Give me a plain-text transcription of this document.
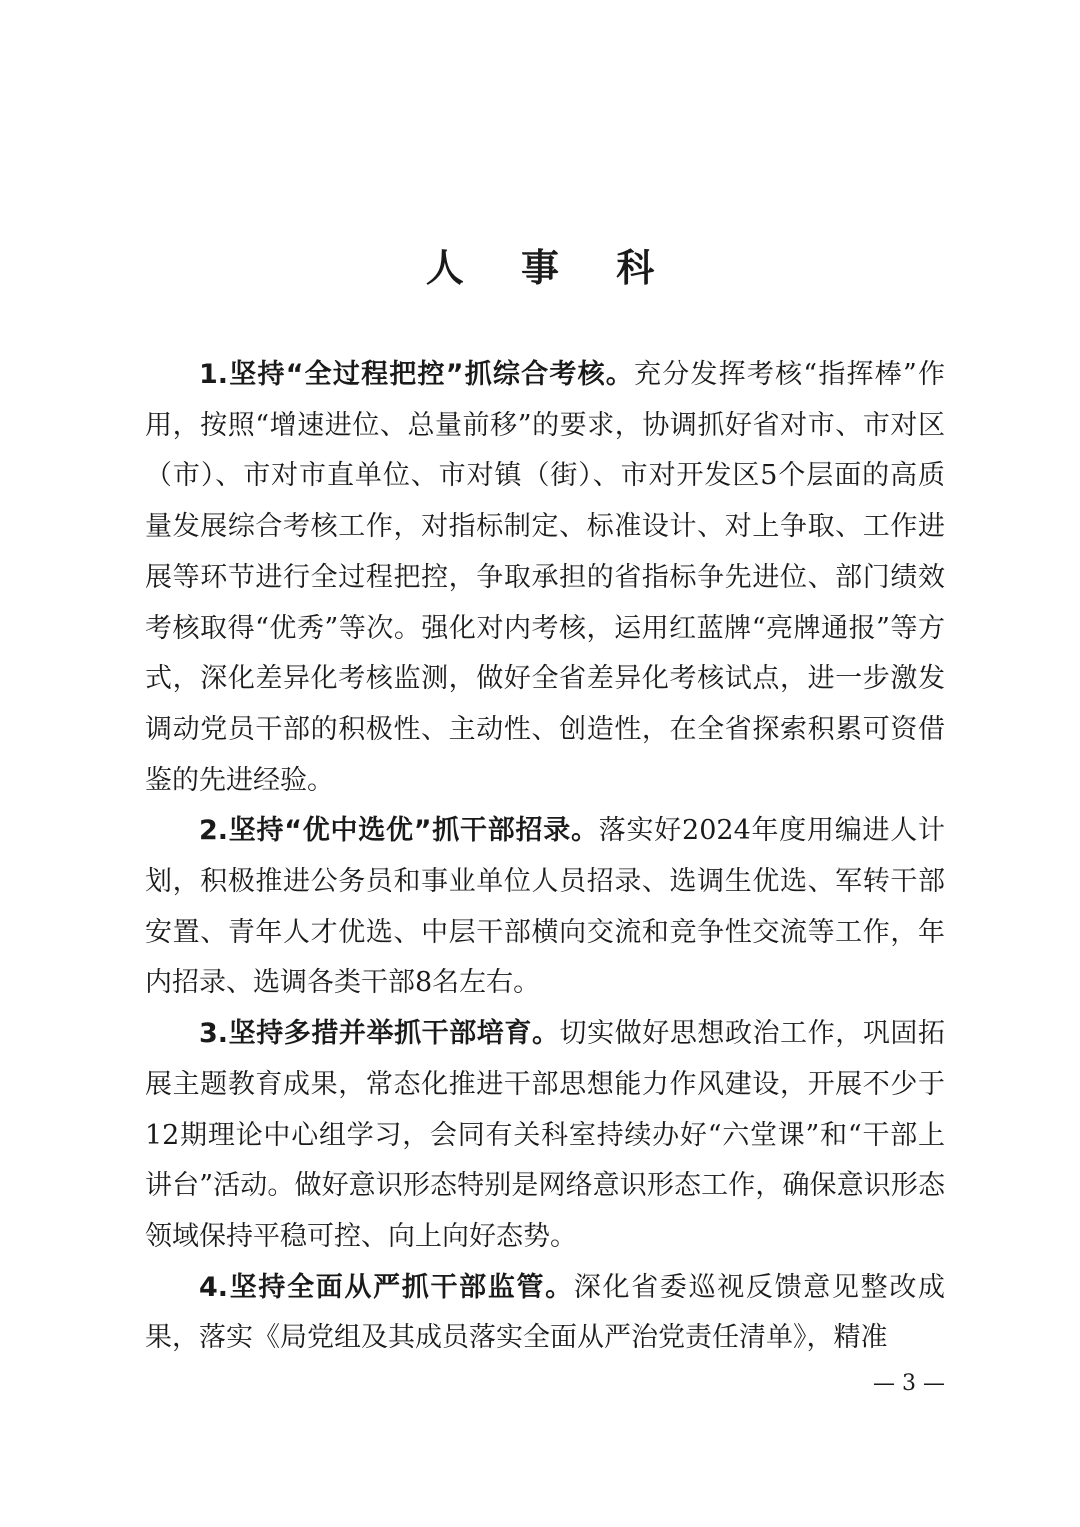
人 事 科

1.坚持“全过程把控”抓综合考核。充分发挥考核“指挥棒”作用，按照“增速进位、总量前移”的要求，协调抓好省对市、市对区（市）、市对市直单位、市对镇（街）、市对开发区5个层面的高质量发展综合考核工作，对指标制定、标准设计、对上争取、工作进展等环节进行全过程把控，争取承担的省指标争先进位、部门绩效考核取得“优秀”等次。强化对内考核，运用红蓝牌“亮牌通报”等方式，深化差异化考核监测，做好全省差异化考核试点，进一步激发调动党员干部的积极性、主动性、创造性，在全省探索积累可资借鉴的先进经验。

2.坚持“优中选优”抓干部招录。落实好2024年度用编进人计划，积极推进公务员和事业单位人员招录、选调生优选、军转干部安置、青年人才优选、中层干部横向交流和竞争性交流等工作，年内招录、选调各类干部8名左右。

3.坚持多措并举抓干部培育。切实做好思想政治工作，巩固拓展主题教育成果，常态化推进干部思想能力作风建设，开展不少于12期理论中心组学习，会同有关科室持续办好“六堂课”和“干部上讲台”活动。做好意识形态特别是网络意识形态工作，确保意识形态领域保持平稳可控、向上向好态势。

4.坚持全面从严抓干部监管。深化省委巡视反馈意见整改成果，落实《局党组及其成员落实全面从严治党责任清单》，精准

— 3 —
